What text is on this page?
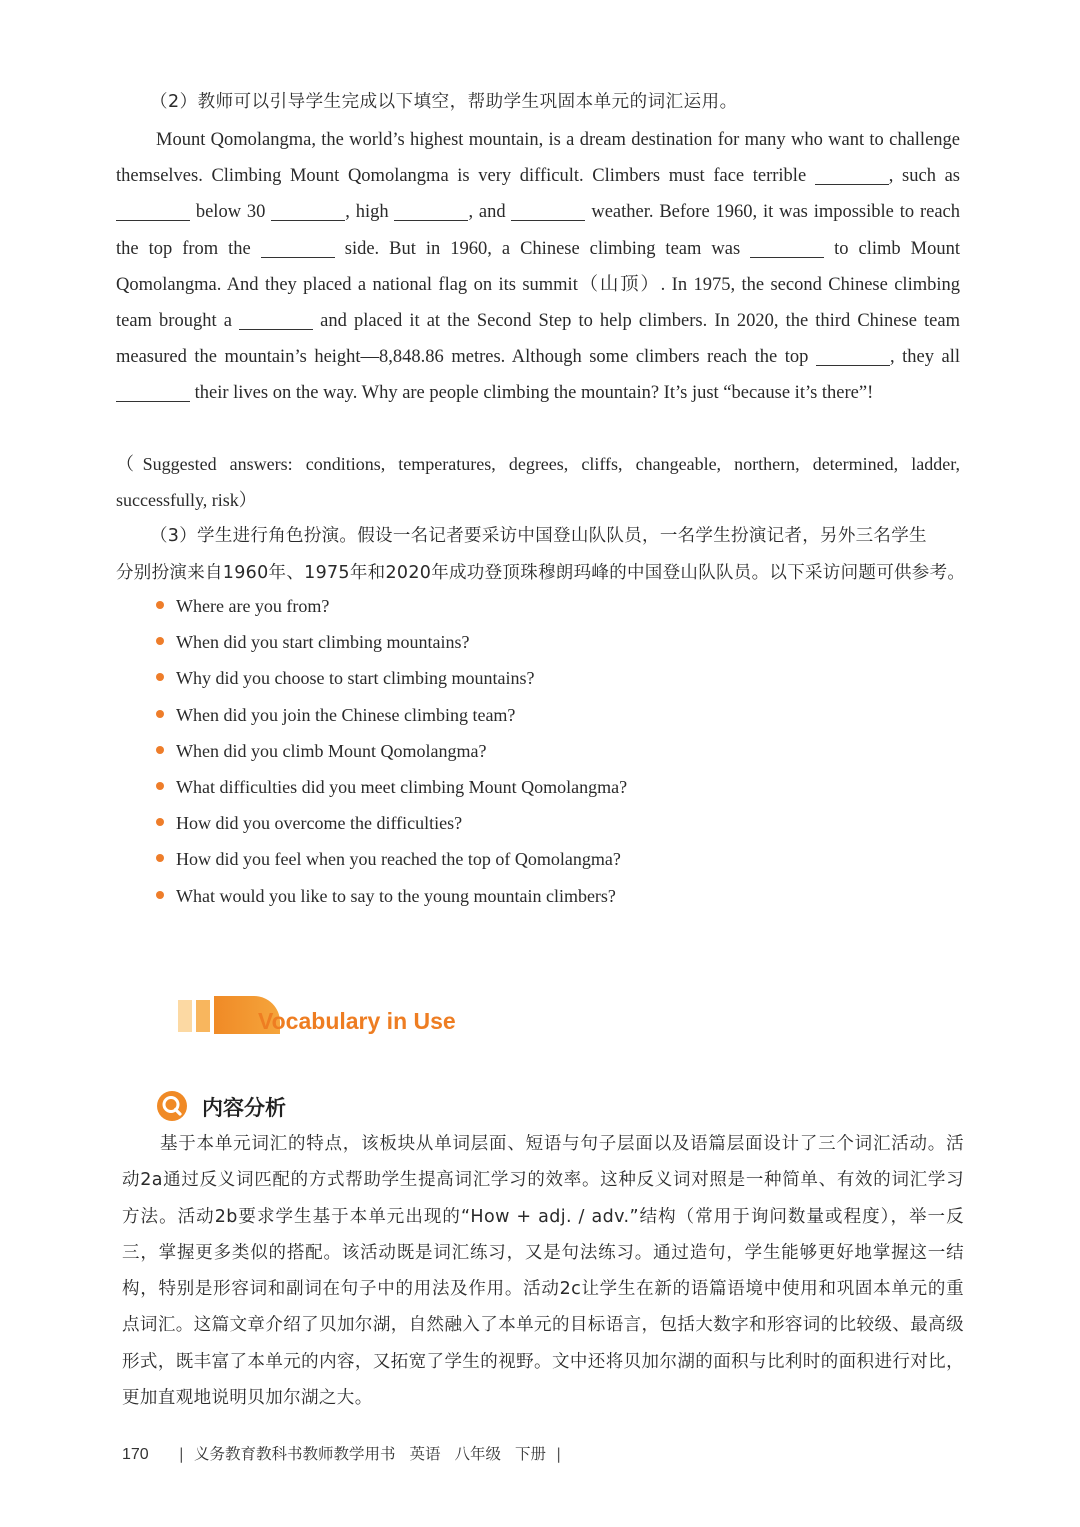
（2）教师可以引导学生完成以下填空，帮助学生巩固本单元的词汇运用。

Mount Qomolangma, the world’s highest mountain, is a dream destination for many who want to challenge themselves. Climbing Mount Qomolangma is very difficult. Climbers must face terrible	, such as  below 30	, high	, and	weather. Before 1960, it was impossible to reach the top from the	side. But in 1960, a Chinese climbing team was	to climb Mount Qomolangma. And they placed a national flag on its summit（山顶）. In 1975, the second Chinese climbing team brought a	and placed it at the Second Step to help climbers. In 2020, the third Chinese team measured the mountain’s height—8,848.86 metres. Although some climbers reach the top	, they all  their lives on the way. Why are people climbing the mountain? It’s just “because it’s there”!

（Suggested answers: conditions, temperatures, degrees, cliffs, changeable, northern, determined, ladder, successfully, risk）
（3）学生进行角色扮演。假设一名记者要采访中国登山队队员，一名学生扮演记者，另外三名学生
分别扮演来自1960年、1975年和2020年成功登顶珠穆朗玛峰的中国登山队队员。以下采访问题可供参考。
Where are you from?
When did you start climbing mountains?
Why did you choose to start climbing mountains?
When did you join the Chinese climbing team?
When did you climb Mount Qomolangma?
What difficulties did you meet climbing Mount Qomolangma?
How did you overcome the difficulties?
How did you feel when you reached the top of Qomolangma?
What would you like to say to the young mountain climbers?
Vocabulary in Use
内容分析

基于本单元词汇的特点，该板块从单词层面、短语与句子层面以及语篇层面设计了三个词汇活动。活动2a通过反义词匹配的方式帮助学生提高词汇学习的效率。这种反义词对照是一种简单、有效的词汇学习方法。活动2b要求学生基于本单元出现的“How + adj. / adv.”结构（常用于询问数量或程度），举一反三，掌握更多类似的搭配。该活动既是词汇练习，又是句法练习。通过造句，学生能够更好地掌握这一结构，特别是形容词和副词在句子中的用法及作用。活动2c让学生在新的语篇语境中使用和巩固本单元的重点词汇。这篇文章介绍了贝加尔湖，自然融入了本单元的目标语言，包括大数字和形容词的比较级、最高级形式，既丰富了本单元的内容，又拓宽了学生的视野。文中还将贝加尔湖的面积与比利时的面积进行对比，更加直观地说明贝加尔湖之大。

170 | 义务教育教科书教师教学用书 英语 八年级 下册 |
